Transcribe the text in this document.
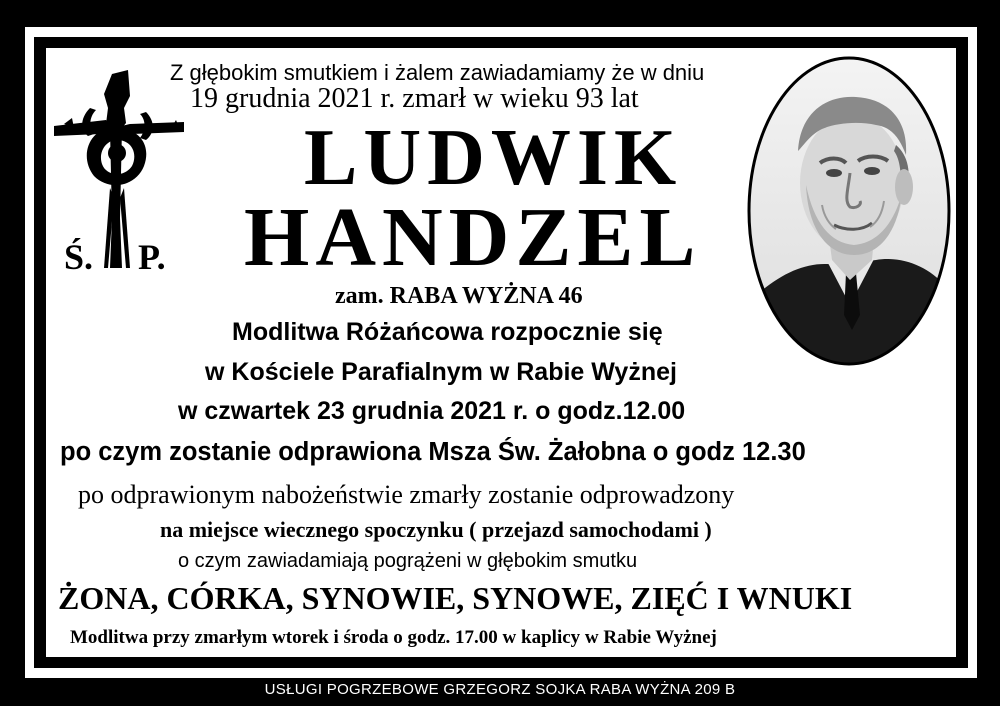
Ś. P.
Z głębokim smutkiem i żalem zawiadamiamy że w dniu
19 grudnia 2021 r. zmarł w wieku 93 lat
LUDWIK
HANDZEL
zam. RABA WYŻNA 46
Modlitwa Różańcowa rozpocznie się
w Kościele Parafialnym w Rabie Wyżnej
w czwartek 23 grudnia 2021 r. o godz.12.00
po czym zostanie odprawiona Msza Św. Żałobna o godz 12.30
po odprawionym nabożeństwie zmarły zostanie odprowadzony
na miejsce wiecznego spoczynku ( przejazd samochodami )
o czym zawiadamiają pogrążeni w głębokim smutku
ŻONA, CÓRKA, SYNOWIE, SYNOWE, ZIĘĆ I WNUKI
Modlitwa przy zmarłym wtorek i środa o godz. 17.00 w kaplicy w Rabie Wyżnej
USŁUGI POGRZEBOWE GRZEGORZ SOJKA RABA WYŻNA 209 B
